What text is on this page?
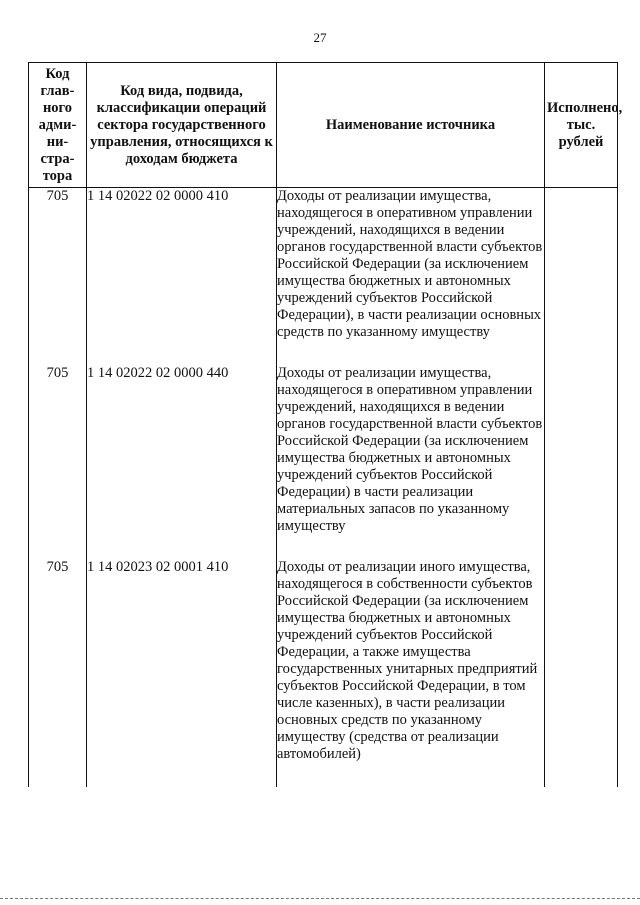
27
Код глав-ного адми-ни-стра-тора	Код вида, подвида, классификации операций сектора государственного управления, относящихся к доходам бюджета	Наименование источника	Исполнено, тыс. рублей
705	1 14 02022 02 0000 410	Доходы от реализации имущества, находящегося в оперативном управлении учреждений, находящихся в ведении органов государственной власти субъектов Российской Федерации (за исключением имущества бюджетных и автономных учреждений субъектов Российской Федерации), в части реализации основных средств по указанному имуществу	
705	1 14 02022 02 0000 440	Доходы от реализации имущества, находящегося в оперативном управлении учреждений, находящихся в ведении органов государственной власти субъектов Российской Федерации (за исключением имущества бюджетных и автономных учреждений субъектов Российской Федерации) в части реализации материальных запасов по указанному имуществу	
705	1 14 02023 02 0001 410	Доходы от реализации иного имущества, находящегося в собственности субъектов Российской Федерации (за исключением имущества бюджетных и автономных учреждений субъектов Российской Федерации, а также имущества государственных унитарных предприятий субъектов Российской Федерации, в том числе казенных), в части реализации основных средств по указанному имуществу (средства от реализации автомобилей)	
